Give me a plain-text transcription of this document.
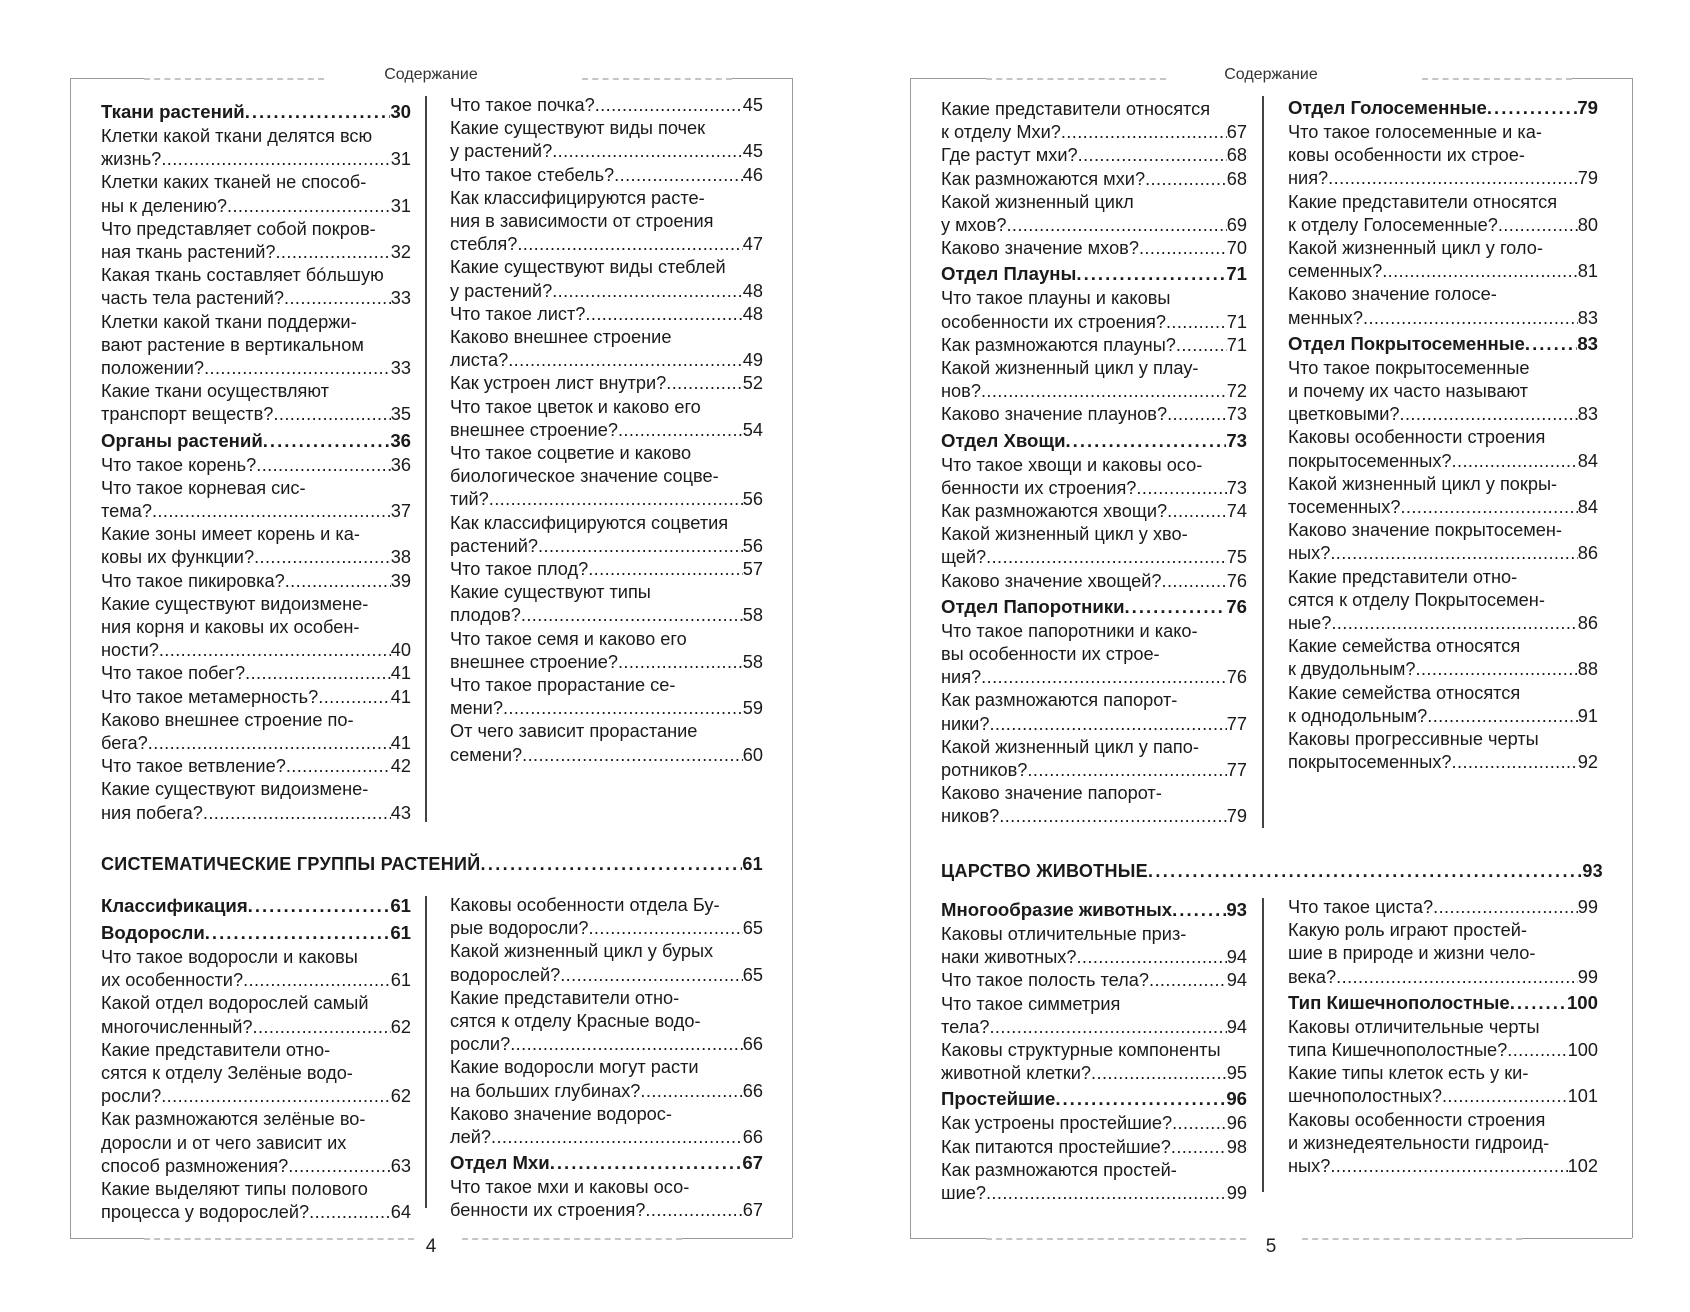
Содержание
Ткани растений .....	30
Клетки какой ткани делятся всю
жизнь? .....	31
Клетки каких тканей не способ-
ны к делению? .....	31
Что представляет собой покров-
ная ткань растений? .....	32
Какая ткань составляет бóльшую
часть тела растений? .....	33
Клетки какой ткани поддержи-
вают растение в вертикальном
положении? .....	33
Какие ткани осуществляют
транспорт веществ? .....	35
Органы растений .....	36
Что такое корень? .....	36
Что такое корневая сис-
тема? .....	37
Какие зоны имеет корень и ка-
ковы их функции? .....	38
Что такое пикировка? .....	39
Какие существуют видоизмене-
ния корня и каковы их особен-
ности? .....	40
Что такое побег? .....	41
Что такое метамерность? .....	41
Каково внешнее строение по-
бега? .....	41
Что такое ветвление? .....	42
Какие существуют видоизмене-
ния побега? .....	43
Что такое почка? .....	45
Какие существуют виды почек
у растений? .....	45
Что такое стебель? .....	46
Как классифицируются расте-
ния в зависимости от строения
стебля? .....	47
Какие существуют виды стеблей
у растений? .....	48
Что такое лист? .....	48
Каково внешнее строение
листа? .....	49
Как устроен лист внутри? .....	52
Что такое цветок и каково его
внешнее строение? .....	54
Что такое соцветие и каково
биологическое значение соцве-
тий? .....	56
Как классифицируются соцветия
растений? .....	56
Что такое плод? .....	57
Какие существуют типы
плодов? .....	58
Что такое семя и каково его
внешнее строение? .....	58
Что такое прорастание се-
мени? .....	59
От чего зависит прорастание
семени? .....	60
СИСТЕМАТИЧЕСКИЕ ГРУППЫ РАСТЕНИЙ .....	61
Классификация .....	61
Водоросли .....	61
Что такое водоросли и каковы
их особенности? .....	61
Какой отдел водорослей самый
многочисленный? .....	62
Какие представители отно-
сятся к отделу Зелёные водо-
росли? .....	62
Как размножаются зелёные во-
доросли и от чего зависит их
способ размножения? .....	63
Какие выделяют типы полового
процесса у водорослей? .....	64
Каковы особенности отдела Бу-
рые водоросли? .....	65
Какой жизненный цикл у бурых
водорослей? .....	65
Какие представители отно-
сятся к отделу Красные водо-
росли? .....	66
Какие водоросли могут расти
на больших глубинах? .....	66
Каково значение водорос-
лей? .....	66
Отдел Мхи .....	67
Что такое мхи и каковы осо-
бенности их строения? .....	67
4
Содержание
Какие представители относятся
к отделу Мхи? .....	67
Где растут мхи? .....	68
Как размножаются мхи? .....	68
Какой жизненный цикл
у мхов? .....	69
Каково значение мхов? .....	70
Отдел Плауны .....	71
Что такое плауны и каковы
особенности их строения? .....	71
Как размножаются плауны? .....	71
Какой жизненный цикл у плау-
нов? .....	72
Каково значение плаунов? .....	73
Отдел Хвощи .....	73
Что такое хвощи и каковы осо-
бенности их строения? .....	73
Как размножаются хвощи? .....	74
Какой жизненный цикл у хво-
щей? .....	75
Каково значение хвощей? .....	76
Отдел Папоротники .....	76
Что такое папоротники и како-
вы особенности их строе-
ния? .....	76
Как размножаются папорот-
ники? .....	77
Какой жизненный цикл у папо-
ротников? .....	77
Каково значение папорот-
ников? .....	79
Отдел Голосеменные .....	79
Что такое голосеменные и ка-
ковы особенности их строе-
ния? .....	79
Какие представители относятся
к отделу Голосеменные? .....	80
Какой жизненный цикл у голо-
семенных? .....	81
Каково значение голосе-
менных? .....	83
Отдел Покрытосеменные .....	83
Что такое покрытосеменные
и почему их часто называют
цветковыми? .....	83
Каковы особенности строения
покрытосеменных? .....	84
Какой жизненный цикл у покры-
тосеменных? .....	84
Каково значение покрытосемен-
ных? .....	86
Какие представители отно-
сятся к отделу Покрытосемен-
ные? .....	86
Какие семейства относятся
к двудольным? .....	88
Какие семейства относятся
к однодольным? .....	91
Каковы прогрессивные черты
покрытосеменных? .....	92
ЦАРСТВО ЖИВОТНЫЕ .....	93
Многообразие животных .....	93
Каковы отличительные приз-
наки животных? .....	94
Что такое полость тела? .....	94
Что такое симметрия
тела? .....	94
Каковы структурные компоненты
животной клетки? .....	95
Простейшие .....	96
Как устроены простейшие? .....	96
Как питаются простейшие? .....	98
Как размножаются простей-
шие? .....	99
Что такое циста? .....	99
Какую роль играют простей-
шие в природе и жизни чело-
века? .....	99
Тип Кишечнополостные .....	100
Каковы отличительные черты
типа Кишечнополостные? .....	100
Какие типы клеток есть у ки-
шечнополостных? .....	101
Каковы особенности строения
и жизнедеятельности гидроид-
ных? .....	102
5
